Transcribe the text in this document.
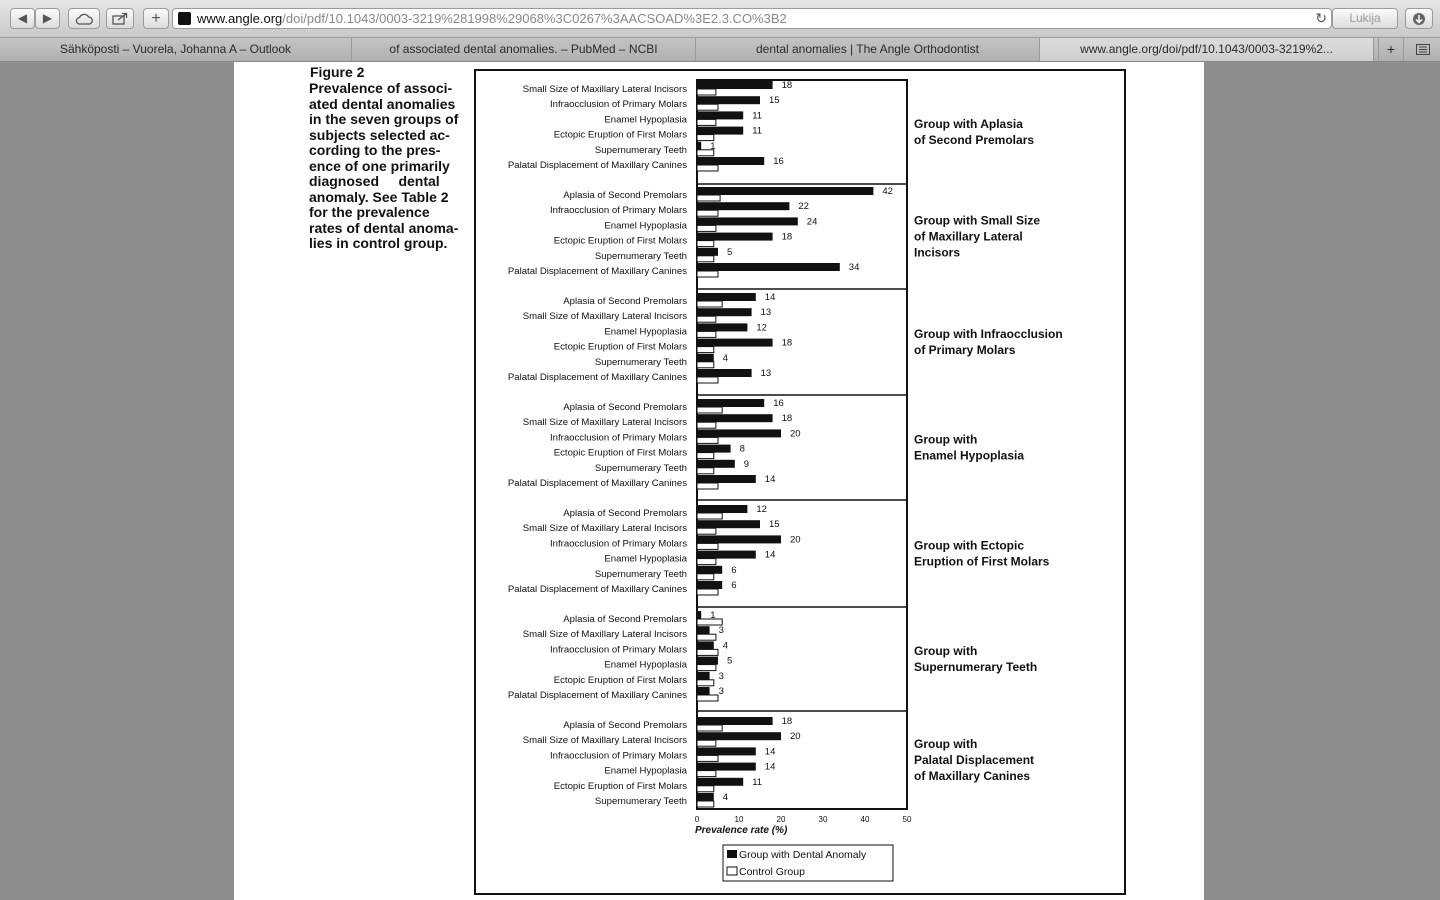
◀	▶	+	www.angle.org/doi/pdf/10.1043/0003-3219%281998%29068%3C0267%3AACSOAD%3E2.3.CO%3B2	↻	Lukija
Sähköposti – Vuorela, Johanna A – Outlook	of associated dental anomalies. – PubMed – NCBI	dental anomalies | The Angle Orthodontist	www.angle.org/doi/pdf/10.1043/0003-3219%2...	+
Figure 2
Prevalence of associ-
ated dental anomalies
in the seven groups of
subjects selected ac-
cording to the pres-
ence of one primarily
diagnosed     dental
anomaly. See Table 2
for the prevalence
rates of dental anoma-
lies in control group.
Small Size of Maxillary Lateral Incisors	18
Infraocclusion of Primary Molars	15
Enamel Hypoplasia	11
Ectopic Eruption of First Molars	11
Supernumerary Teeth 1
Palatal Displacement of Maxillary Canines	16
Group with Aplasia
of Second Premolars
Aplasia of Second Premolars	42
Infraocclusion of Primary Molars	22
Enamel Hypoplasia	24
Ectopic Eruption of First Molars	18
Supernumerary Teeth	5
Palatal Displacement of Maxillary Canines	34
Group with Small Size
of Maxillary Lateral
Incisors
Aplasia of Second Premolars	14
Small Size of Maxillary Lateral Incisors	13
Enamel Hypoplasia	12
Ectopic Eruption of First Molars	18
Supernumerary Teeth	4
Palatal Displacement of Maxillary Canines	13
Group with Infraocclusion
of Primary Molars
Aplasia of Second Premolars	16
Small Size of Maxillary Lateral Incisors	18
Infraocclusion of Primary Molars	20
Ectopic Eruption of First Molars	8
Supernumerary Teeth	9
Palatal Displacement of Maxillary Canines	14
Group with
Enamel Hypoplasia
Aplasia of Second Premolars	12
Small Size of Maxillary Lateral Incisors	15
Infraocclusion of Primary Molars	20
Enamel Hypoplasia	14
Supernumerary Teeth	6
Palatal Displacement of Maxillary Canines	6
Group with Ectopic
Eruption of First Molars
Aplasia of Second Premolars 1
Small Size of Maxillary Lateral Incisors	3
Infraocclusion of Primary Molars	4
Enamel Hypoplasia	5
Ectopic Eruption of First Molars	3
Palatal Displacement of Maxillary Canines	3
Group with
Supernumerary Teeth
Aplasia of Second Premolars	18
Small Size of Maxillary Lateral Incisors	20
Infraocclusion of Primary Molars	14
Enamel Hypoplasia	14
Ectopic Eruption of First Molars	11
Supernumerary Teeth	4
Group with
Palatal Displacement
of Maxillary Canines
0	10	20	30	40	50
Prevalence rate (%)
Group with Dental Anomaly
Control Group
